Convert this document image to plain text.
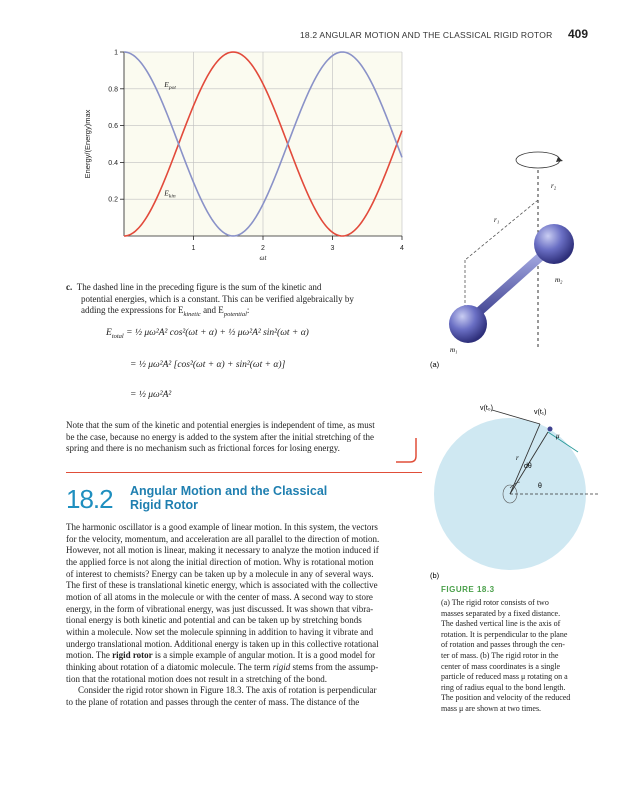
18.2 ANGULAR MOTION AND THE CLASSICAL RIGID ROTOR 409
1	2	3	4
0.2
0.4
0.6
0.8
1
ωt
Energy/(Energy)max
$E_{pot}$
$E_{kin}$

c. The dashed line in the preceding figure is the sum of the kinetic and

potential energies, which is a constant. This can be verified algebraically by

adding the expressions for $E_{kinetic}$ and $E_{potential}$:

$E_{total}$ = ½ μω²A² cos²(ωt + α) + ½ μω²A² sin²(ωt + α)
= ½ μω²A² [cos²(ωt + α) + sin²(ωt + α)]
= ½ μω²A²

Note that the sum of the kinetic and potential energies is independent of time, as must

be the case, because no energy is added to the system after the initial stretching of the

spring and there is no mechanism such as frictional forces for losing energy.

18.2 Angular Motion and the Classical
Rigid Rotor

The harmonic oscillator is a good example of linear motion. In this system, the vectors

for the velocity, momentum, and acceleration are all parallel to the direction of motion.

However, not all motion is linear, making it necessary to analyze the motion induced if

the applied force is not along the initial direction of motion. Why is rotational motion

of interest to chemists? Energy can be taken up by a molecule in any of several ways.

The first of these is translational kinetic energy, which is associated with the collective

motion of all atoms in the molecule or with the center of mass. A second way to store

energy, in the form of vibrational energy, was just discussed. It was shown that vibra-

tional energy is both kinetic and potential and can be taken up by stretching bonds

within a molecule. Now set the molecule spinning in addition to having it vibrate and

undergo translational motion. Additional energy is taken up in this collective rotational

motion. The rigid rotor is a simple example of angular motion. It is a good model for

thinking about rotation of a diatomic molecule. The term rigid stems from the assump-

tion that the rotational motion does not result in a stretching of the bond.

Consider the rigid rotor shown in Figure 18.3. The axis of rotation is perpendicular

to the plane of rotation and passes through the center of mass. The distance of the

r₂
r₁
m₂
m₁
(a)
v(t₀)
v(t₁)
μ
r
dθ
θ
(b)
FIGURE 18.3
(a) The rigid rotor consists of two
masses separated by a fixed distance.
The dashed vertical line is the axis of
rotation. It is perpendicular to the plane
of rotation and passes through the cen-
ter of mass. (b) The rigid rotor in the
center of mass coordinates is a single
particle of reduced mass μ rotating on a
ring of radius equal to the bond length.
The position and velocity of the reduced
mass μ are shown at two times.
